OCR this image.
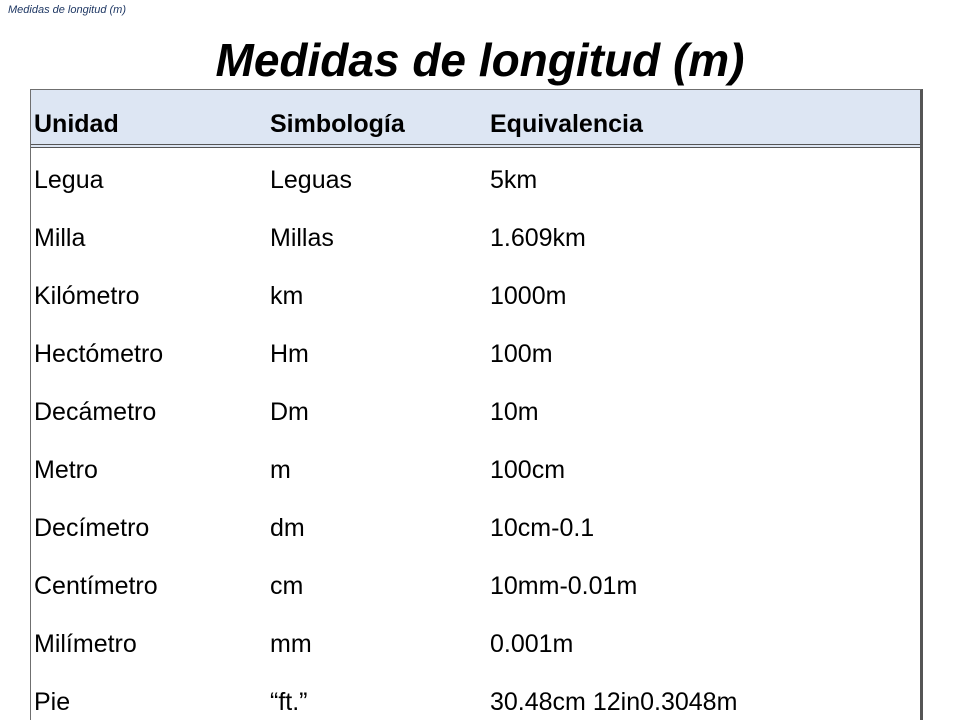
Medidas de longitud (m)
Medidas de longitud (m)
Unidad	Simbología	Equivalencia
Legua	Leguas	5km
Milla	Millas	1.609km
Kilómetro	km	1000m
Hectómetro	Hm	100m
Decámetro	Dm	10m
Metro	m	100cm
Decímetro	dm	10cm-0.1
Centímetro	cm	10mm-0.01m
Milímetro	mm	0.001m
Pie	“ft.”	30.48cm 12in0.3048m
